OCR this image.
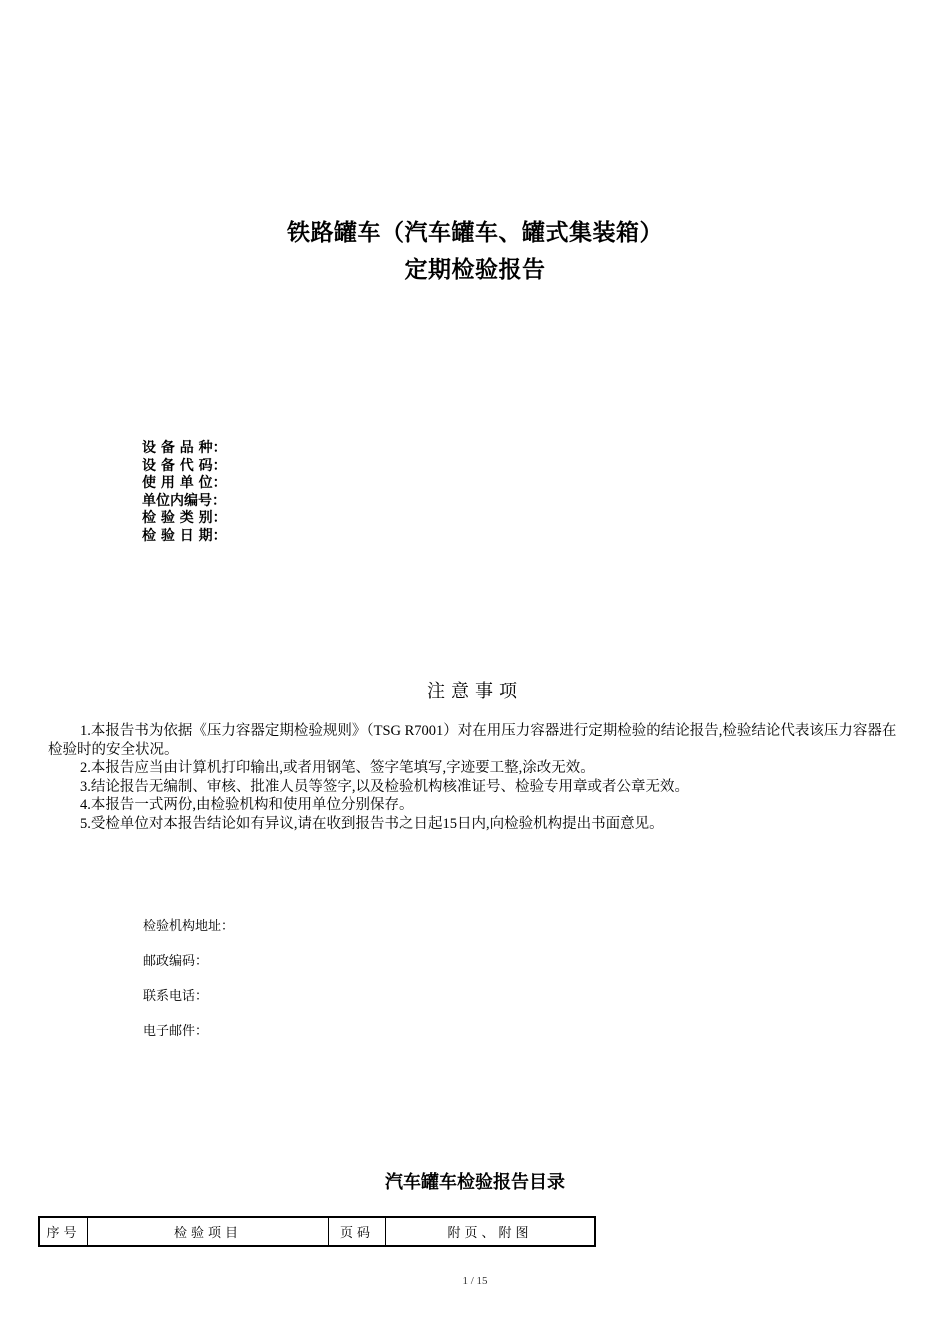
铁路罐车（汽车罐车、罐式集装箱）
定期检验报告
设 备 品 种：
设 备 代 码：
使 用 单 位：
单位内编号：
检 验 类 别：
检 验 日 期：
注意事项
1.本报告书为依据《压力容器定期检验规则》（TSG R7001）对在用压力容器进行定期检验的结论报告,检验结论代表该压力容器在检验时的安全状况。
2.本报告应当由计算机打印输出,或者用钢笔、签字笔填写,字迹要工整,涂改无效。
3.结论报告无编制、审核、批准人员等签字,以及检验机构核准证号、检验专用章或者公章无效。
4.本报告一式两份,由检验机构和使用单位分别保存。
5.受检单位对本报告结论如有异议,请在收到报告书之日起15日内,向检验机构提出书面意见。
检验机构地址：
邮政编码：
联系电话：
电子邮件：
汽车罐车检验报告目录
序号	检验项目	页码	附页、附图
1 / 15
